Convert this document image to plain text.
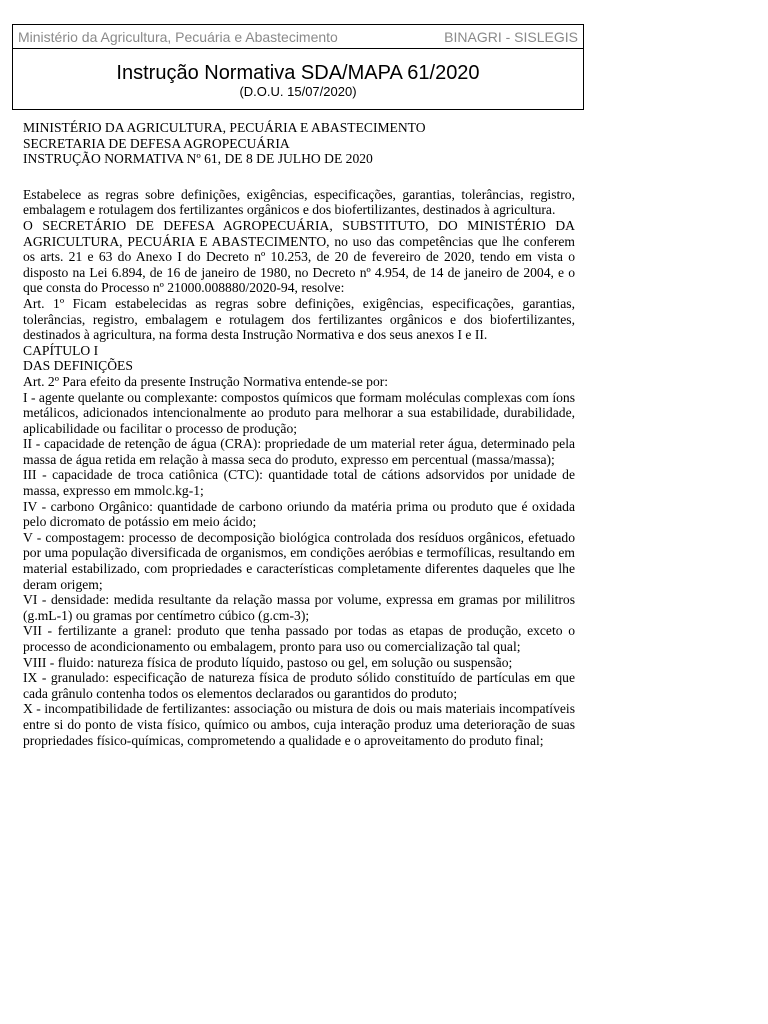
Ministério da Agricultura, Pecuária e Abastecimento	BINAGRI - SISLEGIS
Instrução Normativa SDA/MAPA 61/2020
(D.O.U. 15/07/2020)

MINISTÉRIO DA AGRICULTURA, PECUÁRIA E ABASTECIMENTO

SECRETARIA DE DEFESA AGROPECUÁRIA

INSTRUÇÃO NORMATIVA Nº 61, DE 8 DE JULHO DE 2020

Estabelece as regras sobre definições, exigências, especificações, garantias, tolerâncias, registro, embalagem e rotulagem dos fertilizantes orgânicos e dos biofertilizantes, destinados à agricultura.

O SECRETÁRIO DE DEFESA AGROPECUÁRIA, SUBSTITUTO, DO MINISTÉRIO DA AGRICULTURA, PECUÁRIA E ABASTECIMENTO, no uso das competências que lhe conferem os arts. 21 e 63 do Anexo I do Decreto nº 10.253, de 20 de fevereiro de 2020, tendo em vista o disposto na Lei 6.894, de 16 de janeiro de 1980, no Decreto nº 4.954, de 14 de janeiro de 2004, e o que consta do Processo nº 21000.008880/2020-94, resolve:

Art. 1º Ficam estabelecidas as regras sobre definições, exigências, especificações, garantias, tolerâncias, registro, embalagem e rotulagem dos fertilizantes orgânicos e dos biofertilizantes, destinados à agricultura, na forma desta Instrução Normativa e dos seus anexos I e II.

CAPÍTULO I

DAS DEFINIÇÕES

Art. 2º Para efeito da presente Instrução Normativa entende-se por:

I - agente quelante ou complexante: compostos químicos que formam moléculas complexas com íons metálicos, adicionados intencionalmente ao produto para melhorar a sua estabilidade, durabilidade, aplicabilidade ou facilitar o processo de produção;

II - capacidade de retenção de água (CRA): propriedade de um material reter água, determinado pela massa de água retida em relação à massa seca do produto, expresso em percentual (massa/massa);

III - capacidade de troca catiônica (CTC): quantidade total de cátions adsorvidos por unidade de massa, expresso em mmolc.kg-1;

IV - carbono Orgânico: quantidade de carbono oriundo da matéria prima ou produto que é oxidada pelo dicromato de potássio em meio ácido;

V - compostagem: processo de decomposição biológica controlada dos resíduos orgânicos, efetuado por uma população diversificada de organismos, em condições aeróbias e termofílicas, resultando em material estabilizado, com propriedades e características completamente diferentes daqueles que lhe deram origem;

VI - densidade: medida resultante da relação massa por volume, expressa em gramas por mililitros (g.mL-1) ou gramas por centímetro cúbico (g.cm-3);

VII - fertilizante a granel: produto que tenha passado por todas as etapas de produção, exceto o processo de acondicionamento ou embalagem, pronto para uso ou comercialização tal qual;

VIII - fluido: natureza física de produto líquido, pastoso ou gel, em solução ou suspensão;

IX - granulado: especificação de natureza física de produto sólido constituído de partículas em que cada grânulo contenha todos os elementos declarados ou garantidos do produto;

X - incompatibilidade de fertilizantes: associação ou mistura de dois ou mais materiais incompatíveis entre si do ponto de vista físico, químico ou ambos, cuja interação produz uma deterioração de suas propriedades físico-químicas, comprometendo a qualidade e o aproveitamento do produto final;
